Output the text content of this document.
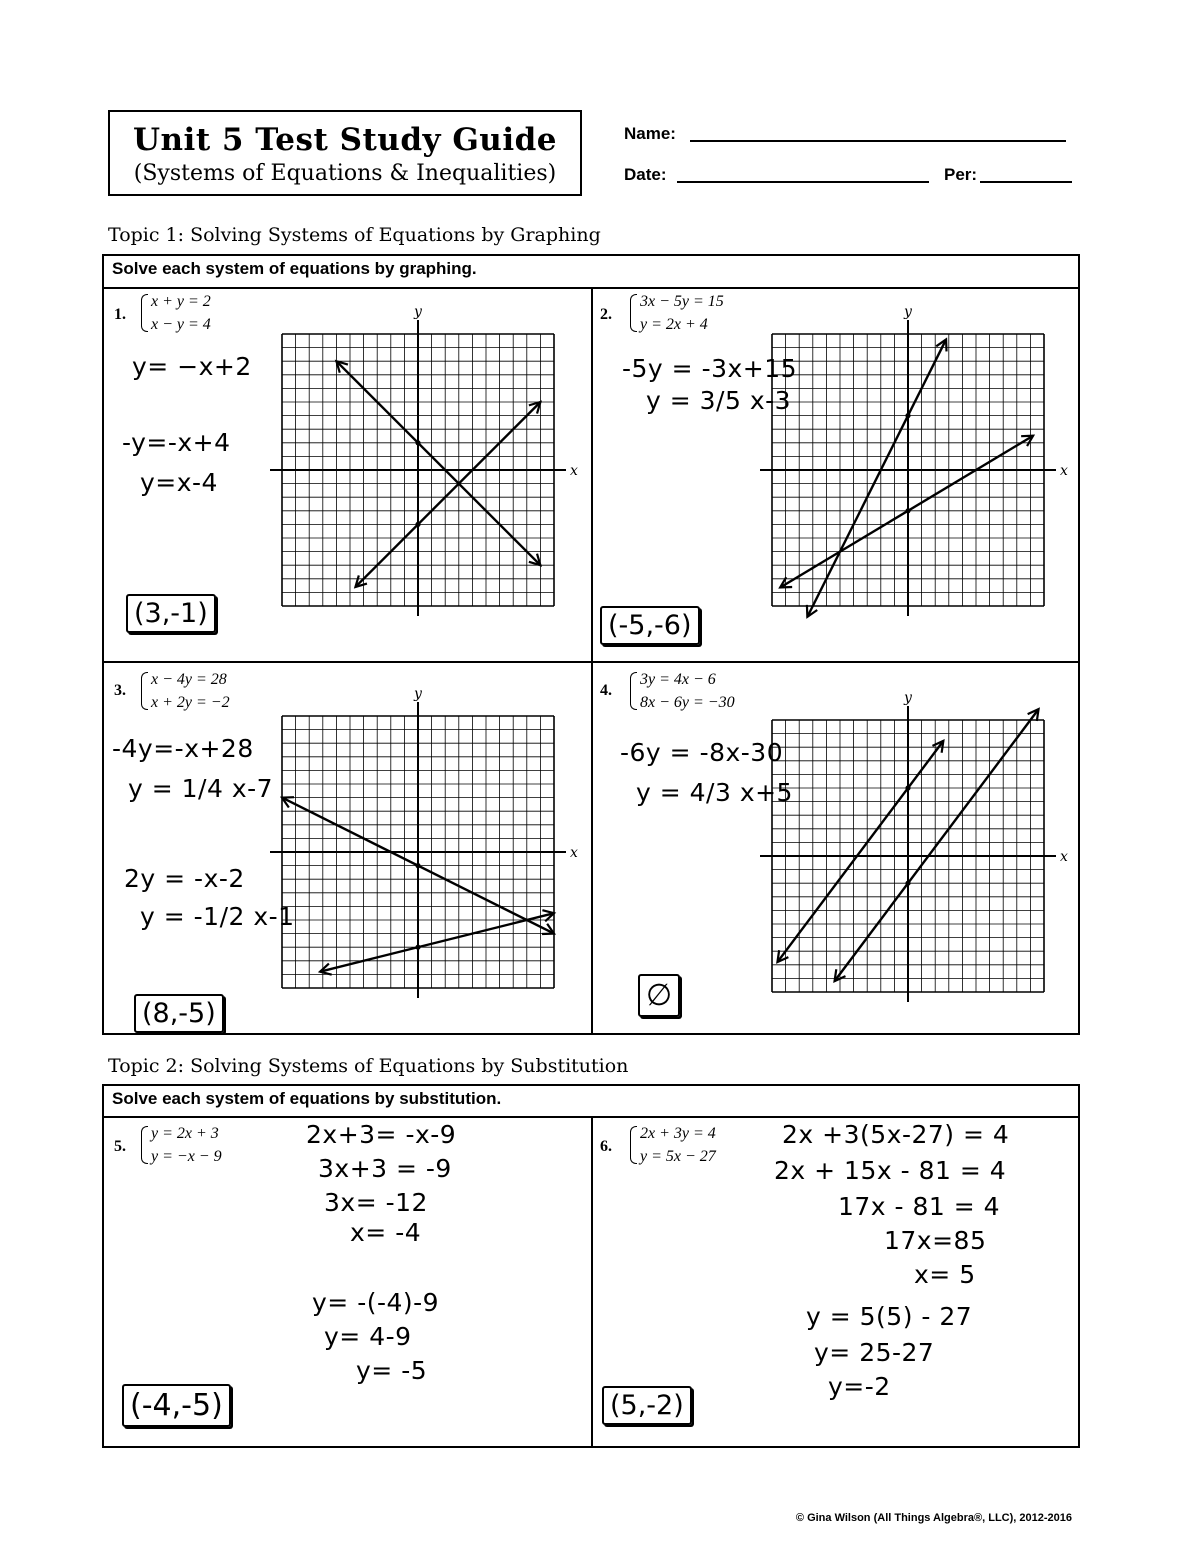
Unit 5 Test Study Guide
(Systems of Equations & Inequalities)
Name:
Date:	Per:
Topic 1: Solving Systems of Equations by Graphing
Solve each system of equations by graphing.
1.
x + y = 2
x − y = 4
y= −x+2
-y=-x+4
y=x-4
(3,-1)
x
y	2.
3x − 5y = 15
y = 2x + 4
-5y = -3x+15
y = 3/5 x-3
(-5,-6)
x
y
3.
x − 4y = 28
x + 2y = −2
-4y=-x+28
y = 1/4 x-7
2y = -x-2
y = -1/2 x-1
(8,-5)
x
y	4.
3y = 4x − 6
8x − 6y = −30
-6y = -8x-30
y = 4/3 x+5
∅
x
y
Topic 2: Solving Systems of Equations by Substitution
Solve each system of equations by substitution.
5.
y = 2x + 3
y = −x − 9
2x+3= -x-9
3x+3 = -9
3x= -12
x= -4
y= -(-4)-9
y= 4-9
y= -5
(-4,-5)
6.
2x + 3y = 4
y = 5x − 27
2x +3(5x-27) = 4
2x + 15x - 81 = 4
17x - 81 = 4
17x=85
x= 5
y = 5(5) - 27
y= 25-27
y=-2
(5,-2)
© Gina Wilson (All Things Algebra®, LLC), 2012-2016
